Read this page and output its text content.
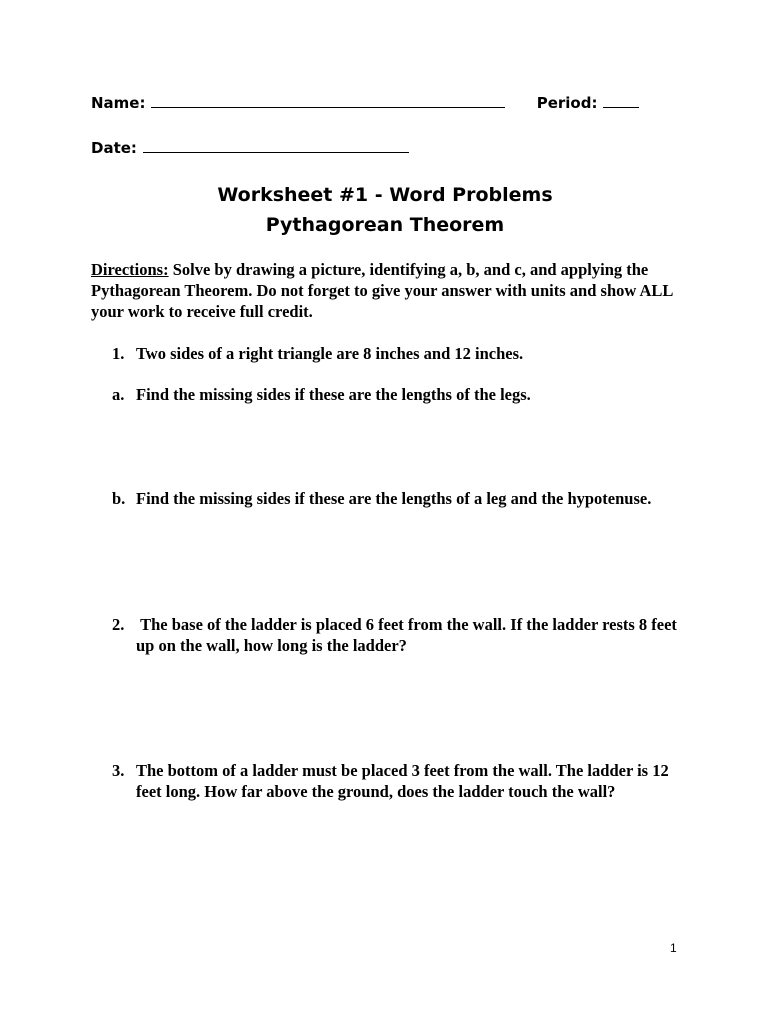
Name:	Period:
Date:
Worksheet #1 - Word Problems
Pythagorean Theorem
Directions: Solve by drawing a picture, identifying a, b, and c, and applying the Pythagorean Theorem. Do not forget to give your answer with units and show ALL your work to receive full credit.
1. Two sides of a right triangle are 8 inches and 12 inches.
a. Find the missing sides if these are the lengths of the legs.
b. Find the missing sides if these are the lengths of a leg and the hypotenuse.
2. The base of the ladder is placed 6 feet from the wall. If the ladder rests 8 feet up on the wall, how long is the ladder?
3. The bottom of a ladder must be placed 3 feet from the wall. The ladder is 12 feet long. How far above the ground, does the ladder touch the wall?
1
